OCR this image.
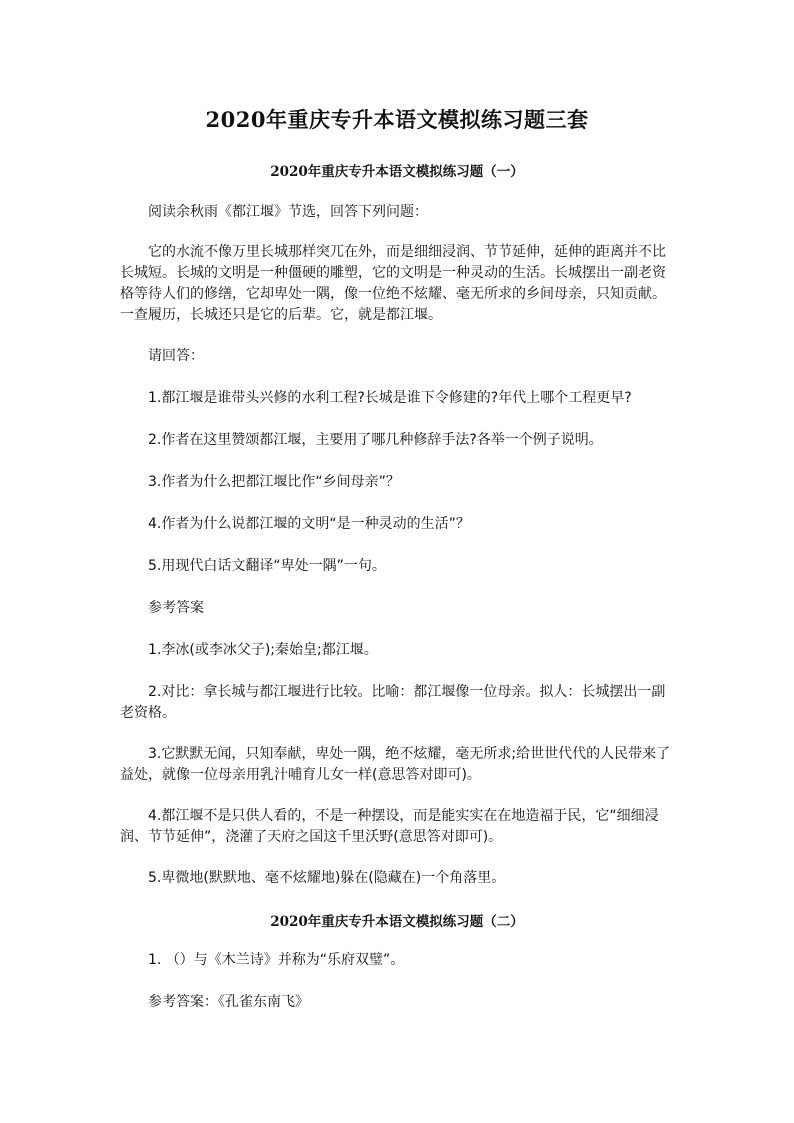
2020年重庆专升本语文模拟练习题三套
2020年重庆专升本语文模拟练习题（一）
阅读余秋雨《都江堰》节选，回答下列问题：
它的水流不像万里长城那样突兀在外，而是细细浸润、节节延伸，延伸的距离并不比
长城短。长城的文明是一种僵硬的雕塑，它的文明是一种灵动的生活。长城摆出一副老资
格等待人们的修缮，它却卑处一隅，像一位绝不炫耀、毫无所求的乡间母亲，只知贡献。
一查履历，长城还只是它的后辈。它，就是都江堰。
请回答：
1.都江堰是谁带头兴修的水利工程?长城是谁下令修建的?年代上哪个工程更早?
2.作者在这里赞颂都江堰，主要用了哪几种修辞手法?各举一个例子说明。
3.作者为什么把都江堰比作“乡间母亲”？
4.作者为什么说都江堰的文明“是一种灵动的生活”？
5.用现代白话文翻译“卑处一隅”一句。
参考答案
1.李冰(或李冰父子);秦始皇;都江堰。
2.对比：拿长城与都江堰进行比较。比喻：都江堰像一位母亲。拟人：长城摆出一副
老资格。
3.它默默无闻，只知奉献，卑处一隅，绝不炫耀，毫无所求;给世世代代的人民带来了
益处，就像一位母亲用乳汁哺育儿女一样(意思答对即可)。
4.都江堰不是只供人看的，不是一种摆设，而是能实实在在地造福于民，它“细细浸
润、节节延伸”，浇灌了天府之国这千里沃野(意思答对即可)。
5.卑微地(默默地、毫不炫耀地)躲在(隐藏在)一个角落里。
2020年重庆专升本语文模拟练习题（二）
1. （）与《木兰诗》并称为“乐府双璧”。
参考答案：《孔雀东南飞》
